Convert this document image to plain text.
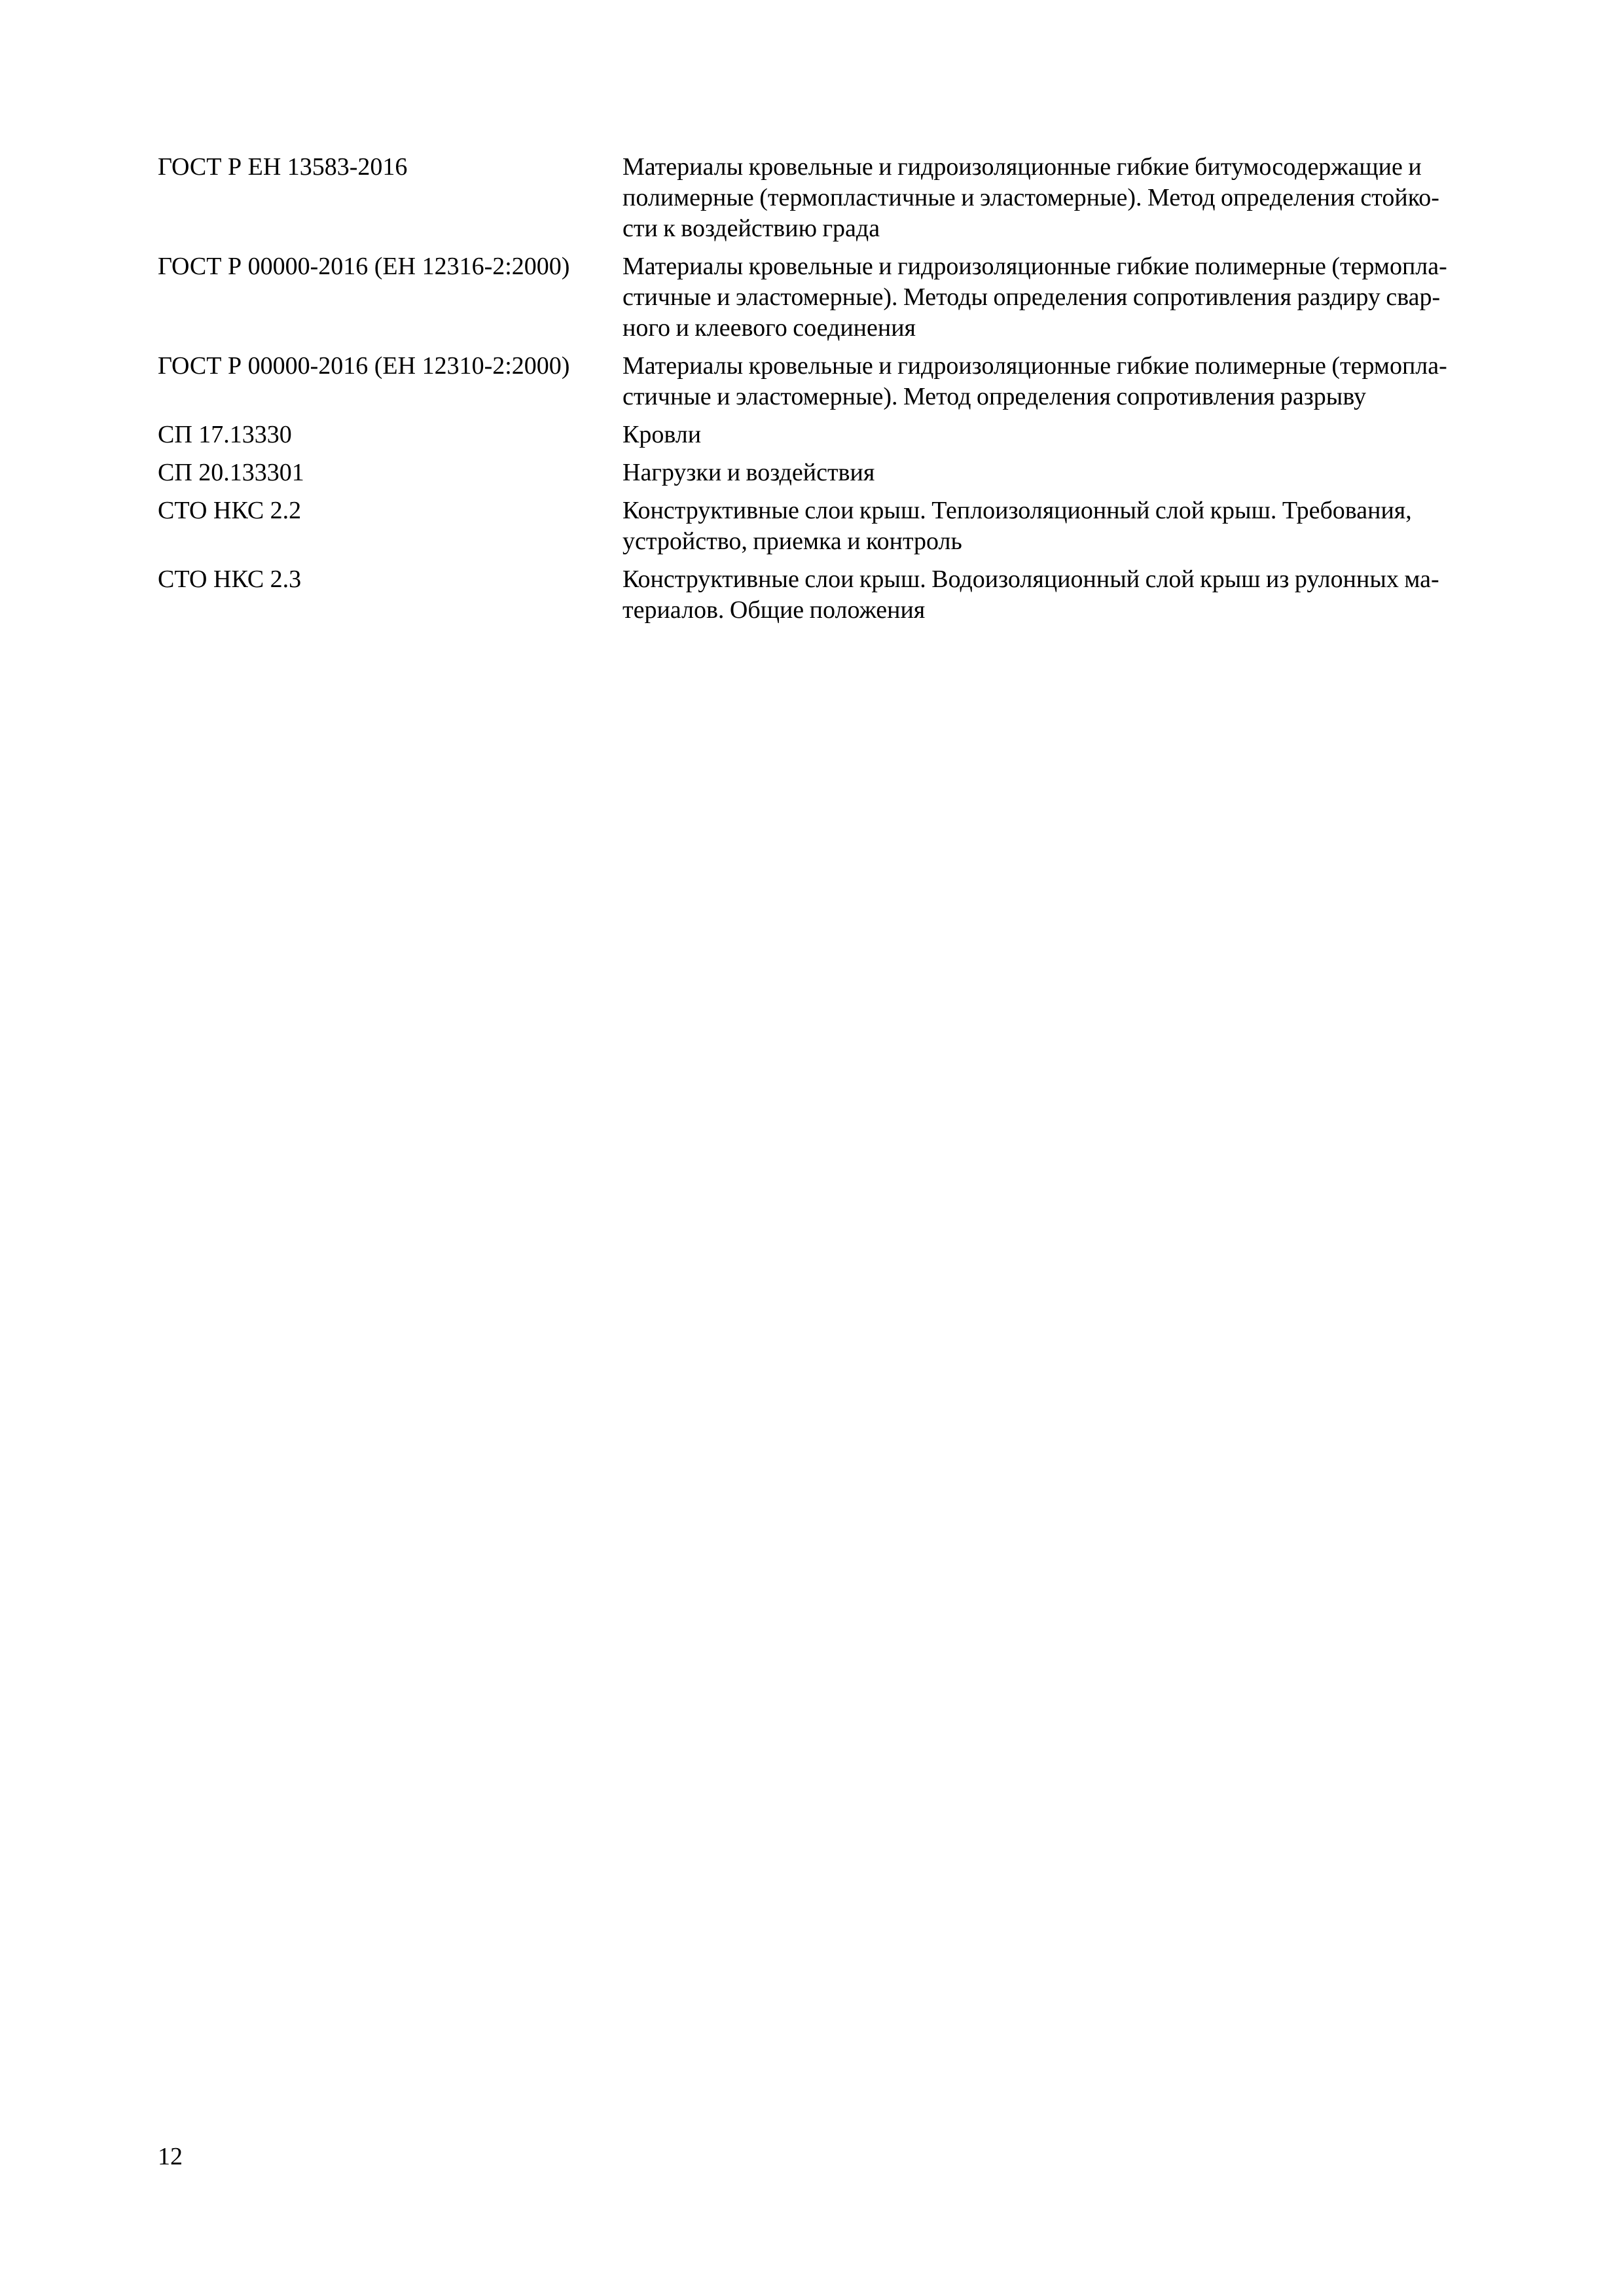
ГОСТ Р ЕН 13583-2016	Материалы кровельные и гидроизоляционные гибкие битумосодержащие и
полимерные (термопластичные и эластомерные). Метод определения стойко-
сти к воздействию града

ГОСТ Р 00000-2016 (ЕН 12316-2:2000)	Материалы кровельные и гидроизоляционные гибкие полимерные (термопла-
стичные и эластомерные). Методы определения сопротивления раздиру свар-
ного и клеевого соединения

ГОСТ Р 00000-2016 (ЕН 12310-2:2000)	Материалы кровельные и гидроизоляционные гибкие полимерные (термопла-
стичные и эластомерные). Метод определения сопротивления разрыву

СП 17.13330	Кровли

СП 20.133301	Нагрузки и воздействия

СТО НКС 2.2	Конструктивные слои крыш. Теплоизоляционный слой крыш. Требования,
устройство, приемка и контроль

СТО НКС 2.3	Конструктивные слои крыш. Водоизоляционный слой крыш из рулонных ма-
териалов. Общие положения
12
